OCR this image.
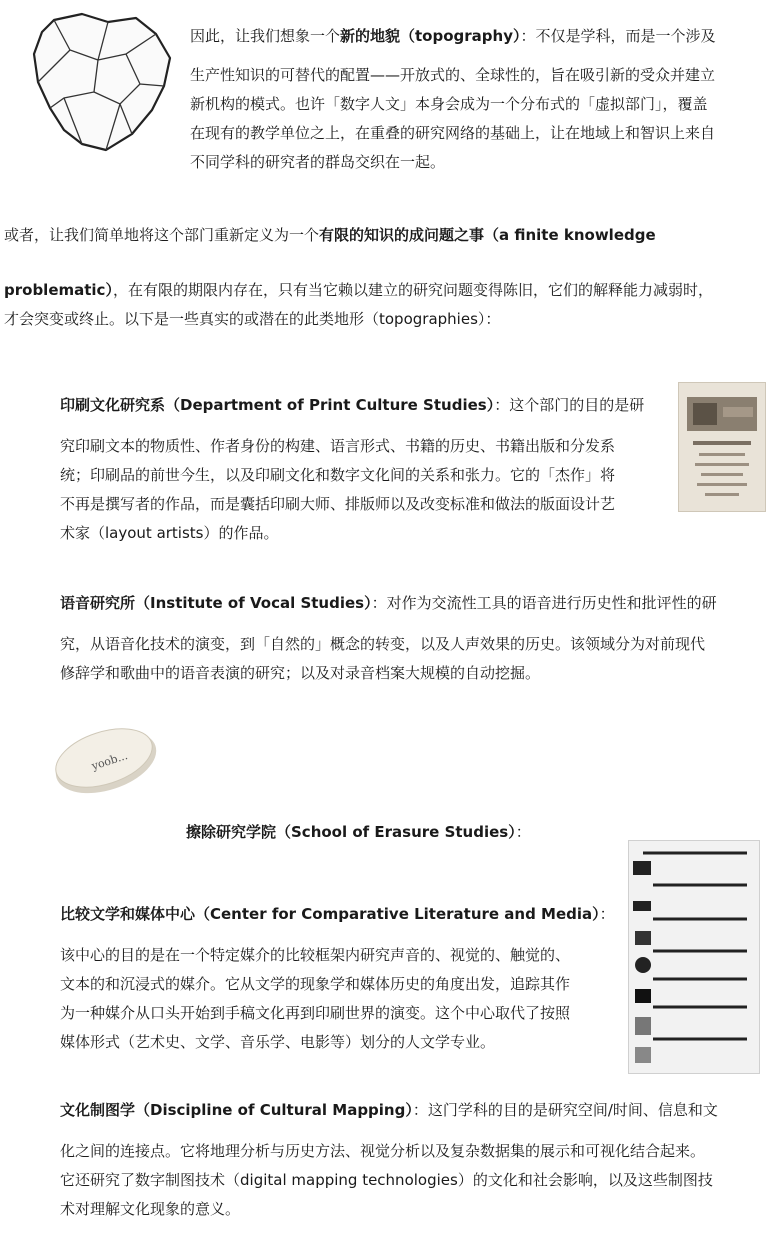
因此，让我们想象一个新的地貌（topography）：不仅是学科，而是一个涉及

生产性知识的可替代的配置——开放式的、全球性的，旨在吸引新的受众并建立

新机构的模式。也许「数字人文」本身会成为一个分布式的「虚拟部门」，覆盖

在现有的教学单位之上，在重叠的研究网络的基础上，让在地域上和智识上来自

不同学科的研究者的群岛交织在一起。

或者，让我们简单地将这个部门重新定义为一个有限的知识的成问题之事（a finite knowledge

problematic），在有限的期限内存在，只有当它赖以建立的研究问题变得陈旧，它们的解释能力减弱时，

才会突变或终止。以下是一些真实的或潜在的此类地形（topographies）：

印刷文化研究系（Department of Print Culture Studies）：这个部门的目的是研

究印刷文本的物质性、作者身份的构建、语言形式、书籍的历史、书籍出版和分发系

统；印刷品的前世今生，以及印刷文化和数字文化间的关系和张力。它的「杰作」将

不再是撰写者的作品，而是囊括印刷大师、排版师以及改变标准和做法的版面设计艺

术家（layout artists）的作品。

语音研究所（Institute of Vocal Studies）：对作为交流性工具的语音进行历史性和批评性的研

究，从语音化技术的演变，到「自然的」概念的转变，以及人声效果的历史。该领域分为对前现代

修辞学和歌曲中的语音表演的研究；以及对录音档案大规模的自动挖掘。

yoob...

擦除研究学院（School of Erasure Studies）：

比较文学和媒体中心（Center for Comparative Literature and Media）：

该中心的目的是在一个特定媒介的比较框架内研究声音的、视觉的、触觉的、

文本的和沉浸式的媒介。它从文学的现象学和媒体历史的角度出发，追踪其作

为一种媒介从口头开始到手稿文化再到印刷世界的演变。这个中心取代了按照

媒体形式（艺术史、文学、音乐学、电影等）划分的人文学专业。

文化制图学（Discipline of Cultural Mapping）：这门学科的目的是研究空间/时间、信息和文

化之间的连接点。它将地理分析与历史方法、视觉分析以及复杂数据集的展示和可视化结合起来。

它还研究了数字制图技术（digital mapping technologies）的文化和社会影响，以及这些制图技

术对理解文化现象的意义。
